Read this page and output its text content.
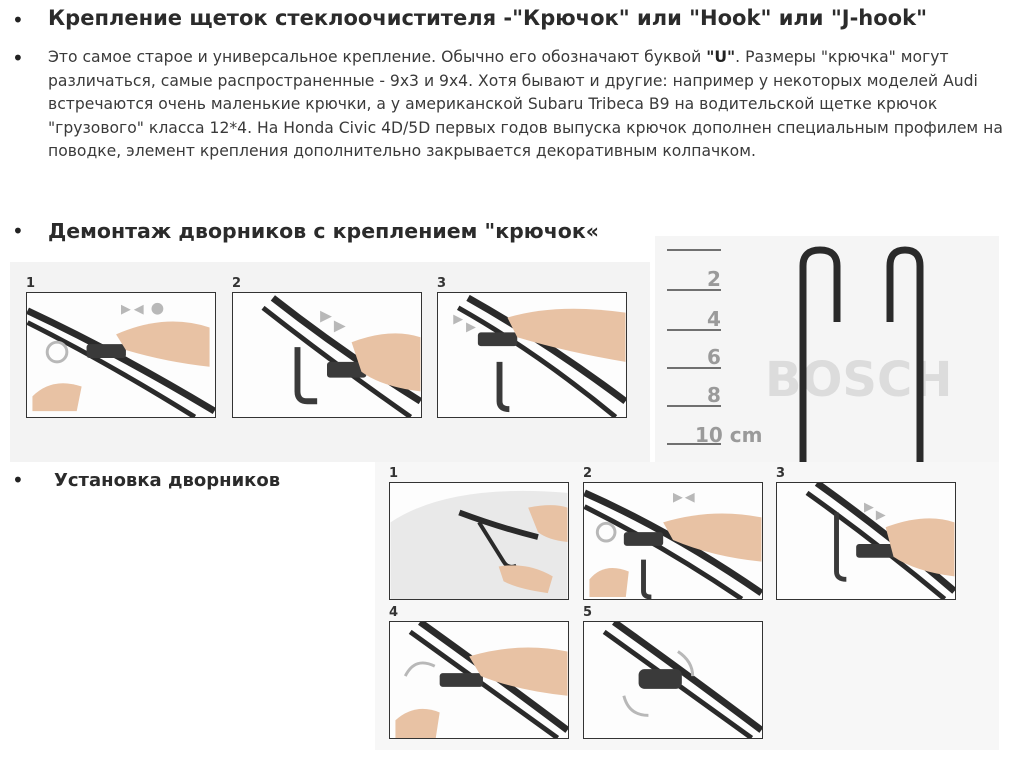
•
•
•
•
Крепление щеток стеклоочистителя -"Крючок" или "Hook" или "J-hook"
Это самое старое и универсальное крепление. Обычно его обозначают буквой "U". Размеры "крючка" могут различаться, самые распространенные - 9х3 и 9х4. Хотя бывают и другие: например у некоторых моделей Audi встречаются очень маленькие крючки, а у американской Subaru Tribeca B9 на водительской щетке крючок "грузового" класса 12*4. На Honda Civic 4D/5D первых годов выпуска крючок дополнен специальным профилем на поводке, элемент крепления дополнительно закрывается декоративным колпачком.
Демонтаж дворников с креплением "крючок«
Установка дворников
1	2	3	2
4
6
8
10 cm
BOSCH
1	2	3
4	5
